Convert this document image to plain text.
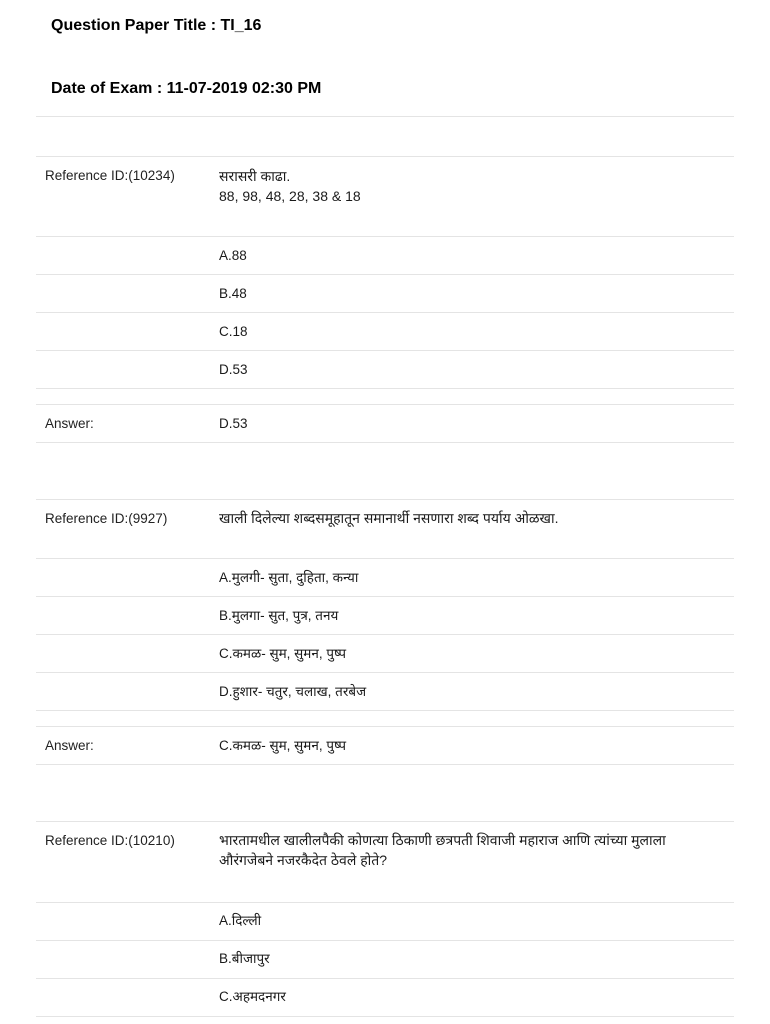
Question Paper Title : TI_16
Date of Exam : 11-07-2019 02:30 PM
Reference ID:(10234)	सरासरी काढा.
88, 98, 48, 28, 38 & 18
A.88
B.48
C.18
D.53
Answer:	D.53
Reference ID:(9927)	खाली दिलेल्या शब्दसमूहातून समानार्थी नसणारा शब्द पर्याय ओळखा.
A.मुलगी- सुता, दुहिता, कन्या
B.मुलगा- सुत, पुत्र, तनय
C.कमळ- सुम, सुमन, पुष्प
D.हुशार- चतुर, चलाख, तरबेज
Answer:	C.कमळ- सुम, सुमन, पुष्प
Reference ID:(10210)	भारतामधील खालीलपैकी कोणत्या ठिकाणी छत्रपती शिवाजी महाराज आणि त्यांच्या मुलाला
औरंगजेबने नजरकैदेत ठेवले होते?
A.दिल्ली
B.बीजापुर
C.अहमदनगर
